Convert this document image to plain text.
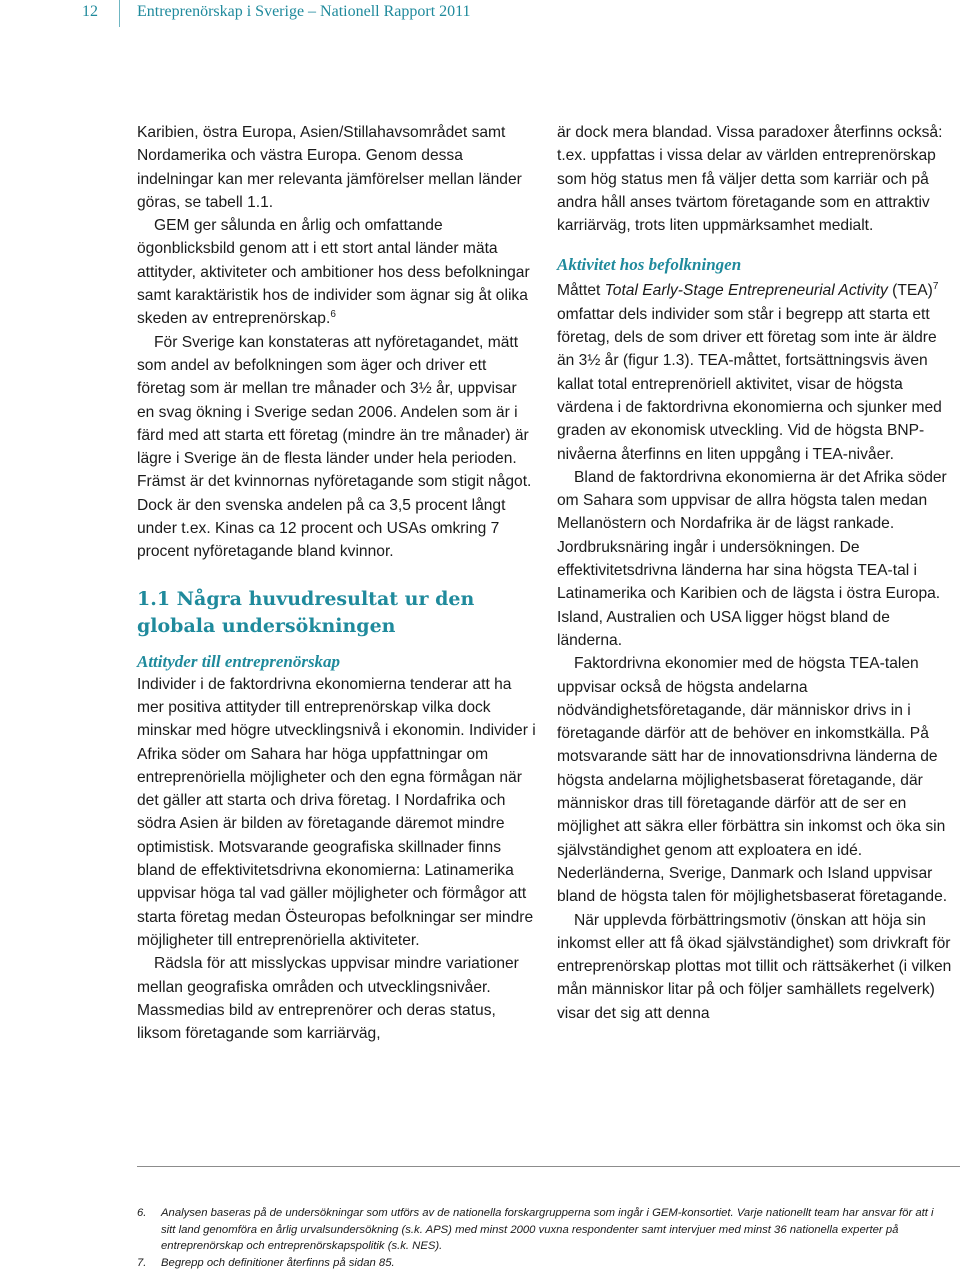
12 Entreprenörskap i Sverige – Nationell Rapport 2011

Karibien, östra Europa, Asien/Stillahavsområdet samt Nordamerika och västra Europa. Genom dessa indelningar kan mer relevanta jämförelser mellan länder göras, se tabell 1.1.

GEM ger sålunda en årlig och omfattande ögonblicksbild genom att i ett stort antal länder mäta attityder, aktiviteter och ambitioner hos dess befolkningar samt karaktäristik hos de individer som ägnar sig åt olika skeden av entreprenörskap.$^6$

För Sverige kan konstateras att nyföretagandet, mätt som andel av befolkningen som äger och driver ett företag som är mellan tre månader och 3½ år, uppvisar en svag ökning i Sverige sedan 2006. Andelen som är i färd med att starta ett företag (mindre än tre månader) är lägre i Sverige än de flesta länder under hela perioden. Främst är det kvinnornas nyföretagande som stigit något. Dock är den svenska andelen på ca 3,5 procent långt under t.ex. Kinas ca 12 procent och USAs omkring 7 procent nyföretagande bland kvinnor.

1.1 Några huvudresultat ur den globala undersökningen
Attityder till entreprenörskap

Individer i de faktordrivna ekonomierna tenderar att ha mer positiva attityder till entreprenörskap vilka dock minskar med högre utvecklingsnivå i ekonomin. Individer i Afrika söder om Sahara har höga uppfattningar om entreprenöriella möjligheter och den egna förmågan när det gäller att starta och driva företag. I Nordafrika och södra Asien är bilden av företagande däremot mindre optimistisk. Motsvarande geografiska skillnader finns bland de effektivitetsdrivna ekonomierna: Latinamerika uppvisar höga tal vad gäller möjligheter och förmågor att starta företag medan Östeuropas befolkningar ser mindre möjligheter till entreprenöriella aktiviteter.

Rädsla för att misslyckas uppvisar mindre variationer mellan geografiska områden och utvecklingsnivåer. Massmedias bild av entreprenörer och deras status, liksom företagande som karriärväg,

är dock mera blandad. Vissa paradoxer återfinns också: t.ex. uppfattas i vissa delar av världen entreprenörskap som hög status men få väljer detta som karriär och på andra håll anses tvärtom företagande som en attraktiv karriärväg, trots liten uppmärksamhet medialt.

Aktivitet hos befolkningen

Måttet Total Early-Stage Entrepreneurial Activity (TEA)$^7$ omfattar dels individer som står i begrepp att starta ett företag, dels de som driver ett företag som inte är äldre än 3½ år (figur 1.3). TEA-måttet, fortsättningsvis även kallat total entreprenöriell aktivitet, visar de högsta värdena i de faktordrivna ekonomierna och sjunker med graden av ekonomisk utveckling. Vid de högsta BNP-nivåerna återfinns en liten uppgång i TEA-nivåer.

Bland de faktordrivna ekonomierna är det Afrika söder om Sahara som uppvisar de allra högsta talen medan Mellanöstern och Nordafrika är de lägst rankade. Jordbruksnäring ingår i undersökningen. De effektivitetsdrivna länderna har sina högsta TEA-tal i Latinamerika och Karibien och de lägsta i östra Europa. Island, Australien och USA ligger högst bland de länderna.

Faktordrivna ekonomier med de högsta TEA-talen uppvisar också de högsta andelarna nödvändighetsföretagande, där människor drivs in i företagande därför att de behöver en inkomstkälla. På motsvarande sätt har de innovationsdrivna länderna de högsta andelarna möjlighetsbaserat företagande, där människor dras till företagande därför att de ser en möjlighet att säkra eller förbättra sin inkomst och öka sin självständighet genom att exploatera en idé. Nederländerna, Sverige, Danmark och Island uppvisar bland de högsta talen för möjlighetsbaserat företagande.

När upplevda förbättringsmotiv (önskan att höja sin inkomst eller att få ökad självständighet) som drivkraft för entreprenörskap plottas mot tillit och rättsäkerhet (i vilken mån människor litar på och följer samhällets regelverk) visar det sig att denna

6. Analysen baseras på de undersökningar som utförs av de nationella forskargrupperna som ingår i GEM-konsortiet. Varje nationellt team har ansvar för att i sitt land genomföra en årlig urvalsundersökning (s.k. APS) med minst 2000 vuxna respondenter samt intervjuer med minst 36 nationella experter på entreprenörskap och entreprenörskapspolitik (s.k. NES).
7. Begrepp och definitioner återfinns på sidan 85.
